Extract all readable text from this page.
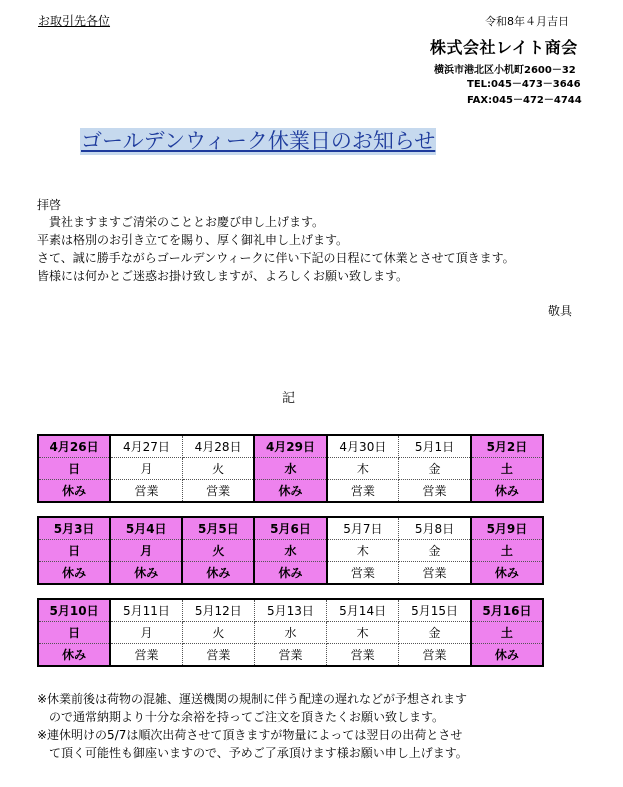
お取引先各位	令和8年４月吉日
株式会社レイト商会
横浜市港北区小机町2600－32
TEL:045－473－3646
FAX:045－472－4744
ゴールデンウィーク休業日のお知らせ
拝啓
　貴社ますますご清栄のこととお慶び申し上げます。
平素は格別のお引き立てを賜り、厚く御礼申し上げます。
さて、誠に勝手ながらゴールデンウィークに伴い下記の日程にて休業とさせて頂きます。
皆様には何かとご迷惑お掛け致しますが、よろしくお願い致します。
敬具
記
4月26日	4月27日	4月28日	4月29日	4月30日	5月1日	5月2日
日	月	火	水	木	金	土
休み	営業	営業	休み	営業	営業	休み
5月3日	5月4日	5月5日	5月6日	5月7日	5月8日	5月9日
日	月	火	水	木	金	土
休み	休み	休み	休み	営業	営業	休み
5月10日	5月11日	5月12日	5月13日	5月14日	5月15日	5月16日
日	月	火	水	木	金	土
休み	営業	営業	営業	営業	営業	休み
※休業前後は荷物の混雑、運送機関の規制に伴う配達の遅れなどが予想されます
　ので通常納期より十分な余裕を持ってご注文を頂きたくお願い致します。
※連休明けの5/7は順次出荷させて頂きますが物量によっては翌日の出荷とさせ
　て頂く可能性も御座いますので、予めご了承頂けます様お願い申し上げます。
